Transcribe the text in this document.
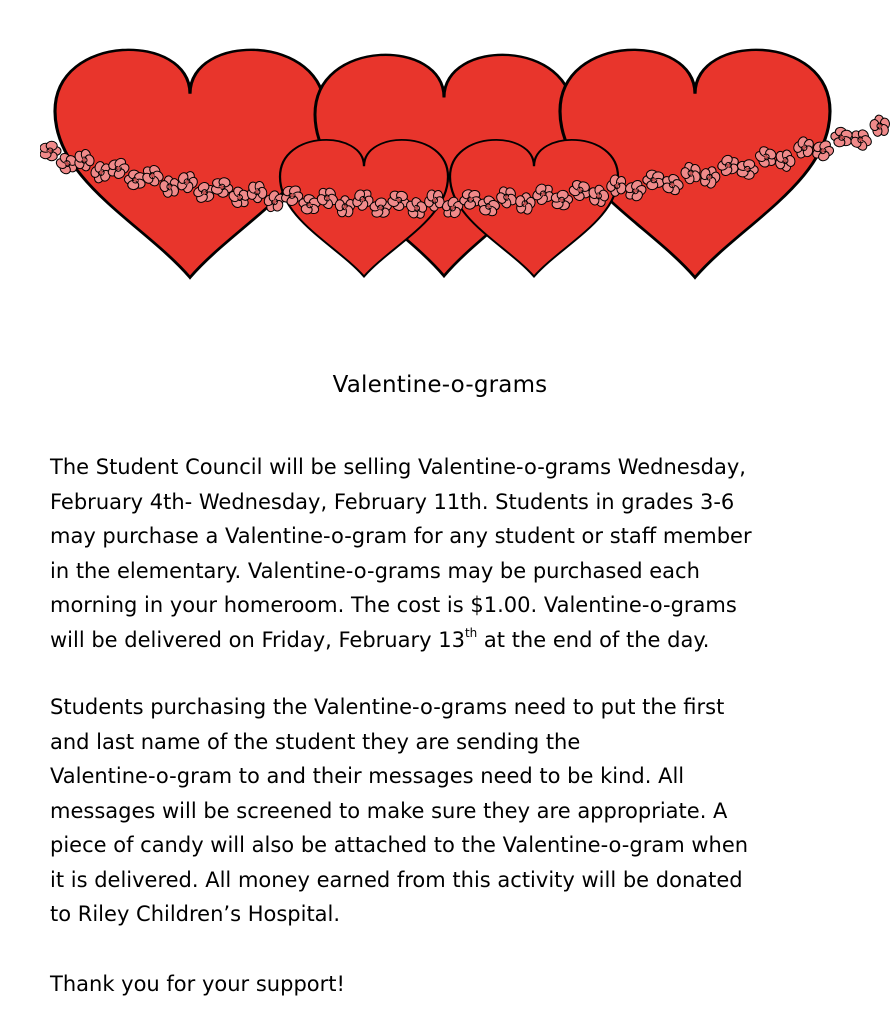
Valentine-o-grams

The Student Council will be selling Valentine-o-grams Wednesday,
February 4th- Wednesday, February 11th. Students in grades 3-6
may purchase a Valentine-o-gram for any student or staff member
in the elementary. Valentine-o-grams may be purchased each
morning in your homeroom. The cost is $1.00. Valentine-o-grams
will be delivered on Friday, February 13th at the end of the day.

Students purchasing the Valentine-o-grams need to put the first
and last name of the student they are sending the
Valentine-o-gram to and their messages need to be kind. All
messages will be screened to make sure they are appropriate. A
piece of candy will also be attached to the Valentine-o-gram when
it is delivered. All money earned from this activity will be donated
to Riley Children’s Hospital.

Thank you for your support!
